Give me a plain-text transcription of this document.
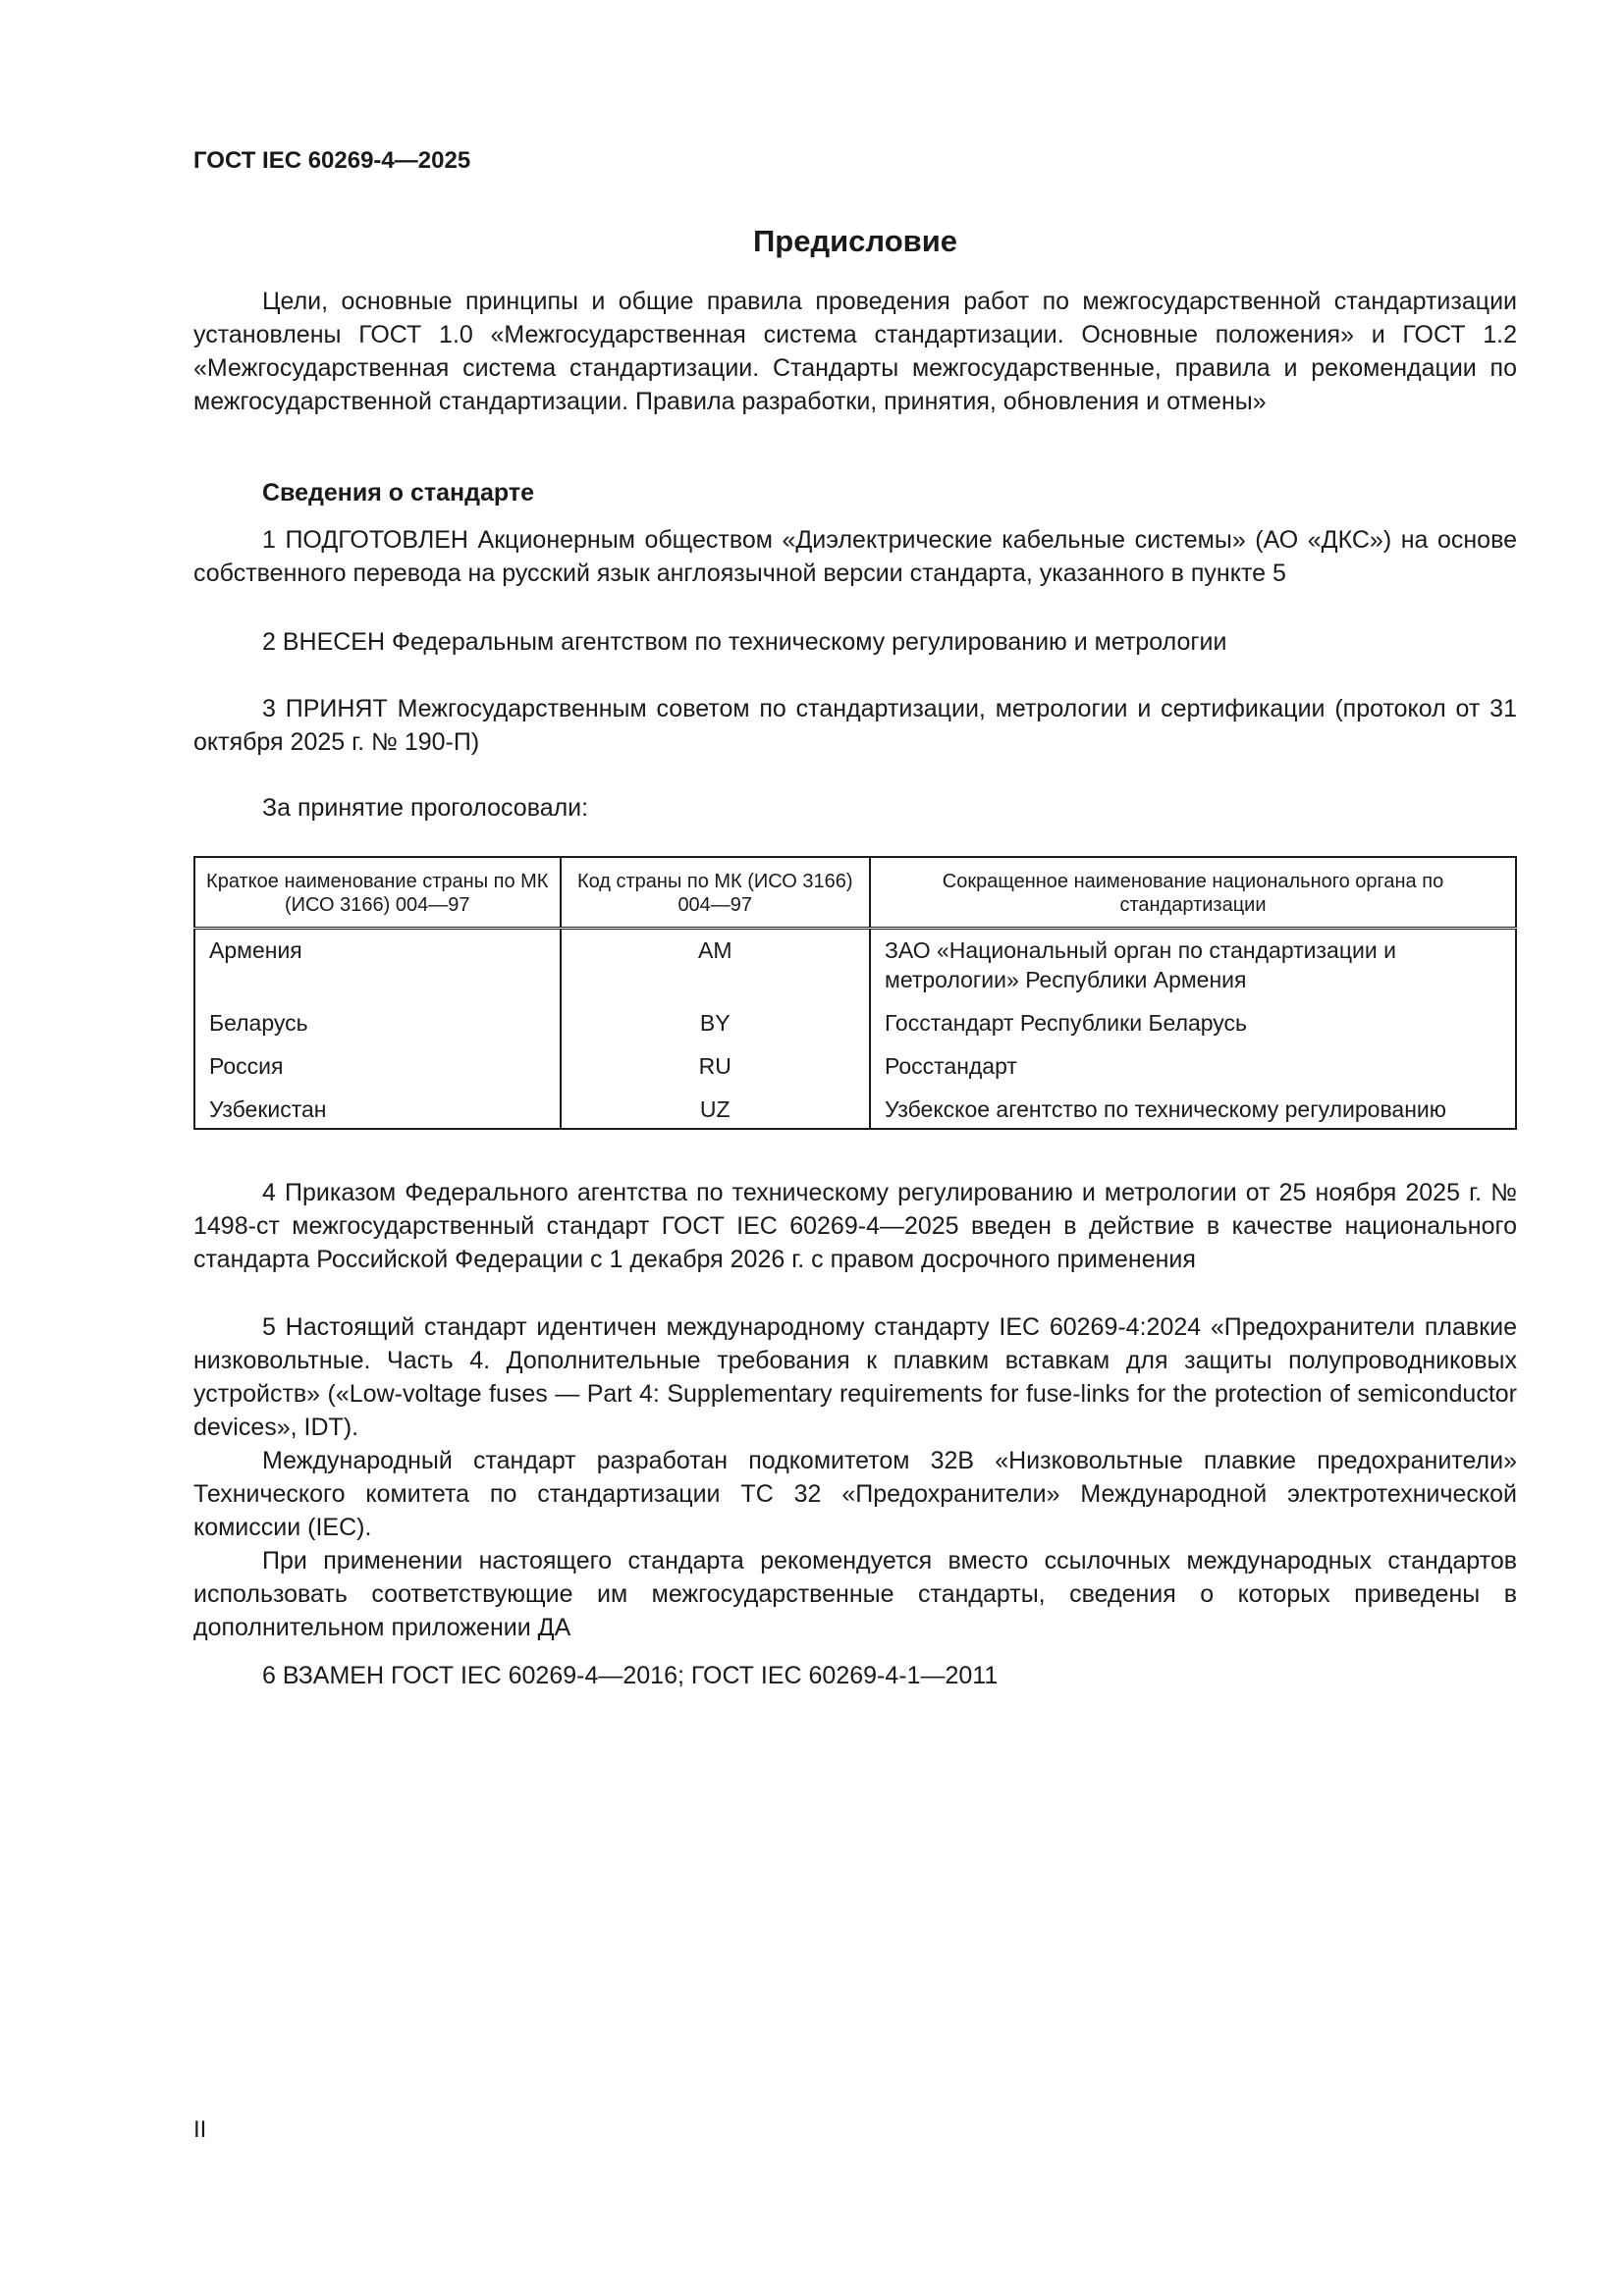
ГОСТ IEC 60269-4—2025
Предисловие

Цели, основные принципы и общие правила проведения работ по межгосударственной стандартизации установлены ГОСТ 1.0 «Межгосударственная система стандартизации. Основные положения» и ГОСТ 1.2 «Межгосударственная система стандартизации. Стандарты межгосударственные, правила и рекомендации по межгосударственной стандартизации. Правила разработки, принятия, обновления и отмены»

Сведения о стандарте

1 ПОДГОТОВЛЕН Акционерным обществом «Диэлектрические кабельные системы» (АО «ДКС») на основе собственного перевода на русский язык англоязычной версии стандарта, указанного в пункте 5

2 ВНЕСЕН Федеральным агентством по техническому регулированию и метрологии

3 ПРИНЯТ Межгосударственным советом по стандартизации, метрологии и сертификации (протокол от 31 октября 2025 г. № 190-П)

За принятие проголосовали:

Краткое наименование страны по МК (ИСО 3166) 004—97	Код страны по МК (ИСО 3166) 004—97	Сокращенное наименование национального органа по стандартизации
Армения	AM	ЗАО «Национальный орган по стандартизации и метрологии» Республики Армения
Беларусь	BY	Госстандарт Республики Беларусь
Россия	RU	Росстандарт
Узбекистан	UZ	Узбекское агентство по техническому регулированию

4 Приказом Федерального агентства по техническому регулированию и метрологии от 25 ноября 2025 г. № 1498-ст межгосударственный стандарт ГОСТ IEC 60269-4—2025 введен в действие в качестве национального стандарта Российской Федерации с 1 декабря 2026 г. с правом досрочного применения

5 Настоящий стандарт идентичен международному стандарту IEC 60269-4:2024 «Предохранители плавкие низковольтные. Часть 4. Дополнительные требования к плавким вставкам для защиты полупроводниковых устройств» («Low-voltage fuses — Part 4: Supplementary requirements for fuse-links for the protection of semiconductor devices», IDT).

Международный стандарт разработан подкомитетом 32В «Низковольтные плавкие предохранители» Технического комитета по стандартизации ТС 32 «Предохранители» Международной электротехнической комиссии (IEC).

При применении настоящего стандарта рекомендуется вместо ссылочных международных стандартов использовать соответствующие им межгосударственные стандарты, сведения о которых приведены в дополнительном приложении ДА

6 ВЗАМЕН ГОСТ IEC 60269-4—2016; ГОСТ IEC 60269-4-1—2011

II
